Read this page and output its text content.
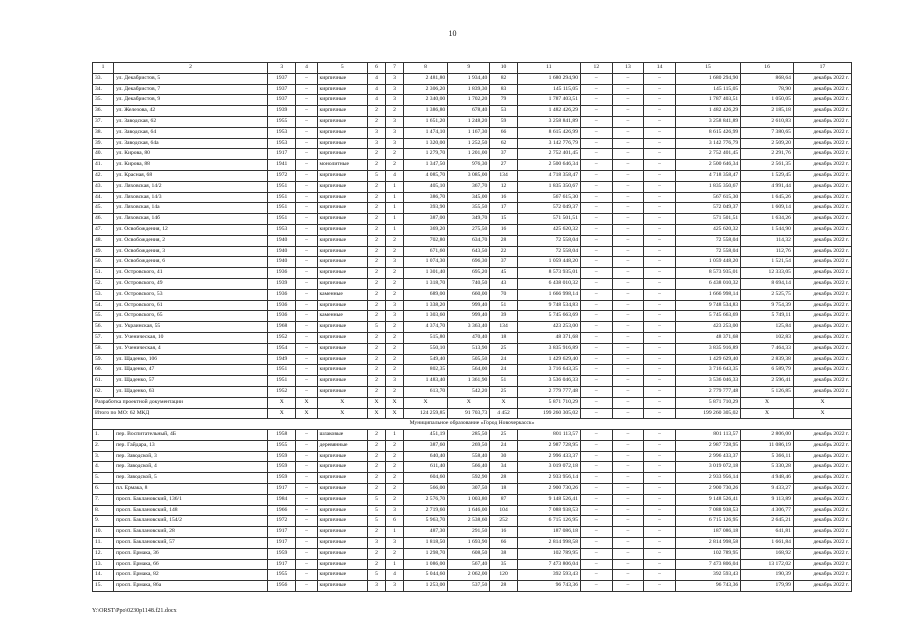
10
1	2	3	4	5	6	7	8	9	10	11	12	13	14	15	16	17
33.	ул. Декабристов, 5	1937	–	кирпичные	4	3	2 481,80	1 934,40	82	1 680 294,90	–	–	–	1 680 294,90	868,64	декабрь 2022 г.
34.	ул. Декабристов, 7	1937	–	кирпичные	4	3	2 306,20	1 839,30	83	145 115,05	–	–	–	145 115,05	78,90	декабрь 2022 г.
35.	ул. Декабристов, 9	1937	–	кирпичные	4	3	2 340,00	1 702,20	79	1 787 403,51	–	–	–	1 787 403,51	1 050,05	декабрь 2022 г.
36.	ул. Железова, 42	1939	–	кирпичные	2	2	1 386,80	678,40	53	1 482 426,29	–	–	–	1 482 426,29	2 185,18	декабрь 2022 г.
37.	ул. Заводская, 62	1955	–	кирпичные	2	3	1 651,20	1 248,20	59	3 258 841,89	–	–	–	3 258 841,89	2 610,83	декабрь 2022 г.
38.	ул. Заводская, 64	1953	–	кирпичные	3	3	1 474,10	1 167,30	66	8 615 426,99	–	–	–	8 615 426,99	7 380,65	декабрь 2022 г.
39.	ул. Заводская, 64а	1953	–	кирпичные	3	3	1 320,00	1 252,50	62	3 142 776,79	–	–	–	3 142 776,79	2 509,20	декабрь 2022 г.
40.	ул. Кирова, 80	1917	–	кирпичные	2	2	1 279,70	1 201,00	37	2 752 401,45	–	–	–	2 752 401,45	2 291,76	декабрь 2022 г.
41.	ул. Кирова, 88	1941	–	монолитные	2	2	1 347,50	976,30	27	2 500 646,34	–	–	–	2 500 646,34	2 561,35	декабрь 2022 г.
42.	ул. Красная, 68	1972	–	кирпичные	5	4	4 085,70	3 085,00	134	4 718 358,47	–	–	–	4 718 358,47	1 529,45	декабрь 2022 г.
43.	ул. Ляховская, 14/2	1951	–	кирпичные	2	1	405,10	367,70	12	1 835 350,67	–	–	–	1 835 350,67	4 991,44	декабрь 2022 г.
44.	ул. Ляховская, 14/3	1951	–	кирпичные	2	1	386,70	345,00	16	567 615,30	–	–	–	567 615,30	1 645,26	декабрь 2022 г.
45.	ул. Ляховская, 14а	1951	–	кирпичные	2	1	393,90	355,50	17	572 049,37	–	–	–	572 049,37	1 609,14	декабрь 2022 г.
46.	ул. Ляховская, 14б	1951	–	кирпичные	2	1	387,00	349,70	15	571 501,51	–	–	–	571 501,51	1 634,26	декабрь 2022 г.
47.	ул. Освобождения, 12	1953	–	кирпичные	2	1	369,20	275,50	16	425 620,32	–	–	–	425 620,32	1 544,90	декабрь 2022 г.
48.	ул. Освобождения, 2	1940	–	кирпичные	2	2	702,80	634,70	28	72 558,04	–	–	–	72 558,04	114,32	декабрь 2022 г.
49.	ул. Освобождения, 3	1940	–	кирпичные	2	2	671,60	643,50	22	72 558,04	–	–	–	72 558,04	112,76	декабрь 2022 г.
50.	ул. Освобождения, 6	1940	–	кирпичные	2	3	1 074,30	696,30	37	1 059 448,20	–	–	–	1 059 448,20	1 521,54	декабрь 2022 г.
51.	ул. Островского, 41	1936	–	кирпичные	2	2	1 301,40	695,20	45	8 573 935,01	–	–	–	8 573 935,01	12 333,05	декабрь 2022 г.
52.	ул. Островского, 49	1939	–	кирпичные	2	2	1 318,70	740,50	43	6 438 010,32	–	–	–	6 438 010,32	8 694,14	декабрь 2022 г.
53.	ул. Островского, 53	1936	–	каменные	2	2	689,00	660,00	70	1 666 998,14	–	–	–	1 666 998,14	2 525,75	декабрь 2022 г.
54.	ул. Островского, 61	1936	–	кирпичные	2	3	1 338,20	999,40	51	9 748 534,83	–	–	–	9 748 534,83	9 754,39	декабрь 2022 г.
55.	ул. Островского, 65	1936	–	каменные	2	3	1 303,60	999,40	39	5 745 663,69	–	–	–	5 745 663,69	5 749,11	декабрь 2022 г.
56.	ул. Украинская, 55	1968	–	кирпичные	5	2	4 374,70	3 363,40	134	423 253,00	–	–	–	423 253,00	125,84	декабрь 2022 г.
57.	ул. Ученическая, 10	1952	–	кирпичные	2	2	515,80	470,40	18	48 371,68	–	–	–	48 371,68	102,83	декабрь 2022 г.
58.	ул. Ученическая, 4	1954	–	кирпичные	2	2	550,10	513,90	25	3 835 916,89	–	–	–	3 835 916,89	7 464,33	декабрь 2022 г.
59.	ул. Щаденко, 106	1949	–	кирпичные	2	2	549,40	505,50	24	1 429 629,40	–	–	–	1 429 629,40	2 839,38	декабрь 2022 г.
60.	ул. Щаденко, 47	1951	–	кирпичные	2	2	802,35	564,00	24	3 716 643,35	–	–	–	3 716 643,35	6 589,79	декабрь 2022 г.
61.	ул. Щаденко, 57	1951	–	кирпичные	2	3	1 483,40	1 361,90	51	3 536 046,33	–	–	–	3 536 046,33	2 596,41	декабрь 2022 г.
62.	ул. Щаденко, 63	1952	–	кирпичные	2	2	613,70	542,20	25	2 779 777,48	–	–	–	2 779 777,48	5 126,85	декабрь 2022 г.
Разработка проектной документации		X	X	X	X	X	X	X	X	5 871 710,29	–	–	–	5 871 710,29	X	X
Итого по МО: 62 МКД		X	X	X	X	X	124 259,85	91 703,73	4 452	199 260 305,02	–	–	–	199 260 305,02	X	X
Муниципальное образование «Город Новочеркасск»																
1.	пер. Воспитательный, 4Б	1958	–	шлаковые	2	1	451,19	285,50	25	801 113,57	–	–	–	801 113,57	2 806,00	декабрь 2022 г.
2.	пер. Гайдара, 13	1955	–	деревянные	2	2	387,60	269,50	24	2 987 728,95	–	–	–	2 987 728,95	11 086,19	декабрь 2022 г.
3.	пер. Заводской, 3	1959	–	кирпичные	2	2	640,40	558,40	30	2 996 433,37	–	–	–	2 996 433,37	5 366,11	декабрь 2022 г.
4.	пер. Заводской, 4	1959	–	кирпичные	2	2	611,40	566,40	34	3 019 072,18	–	–	–	3 019 072,18	5 330,28	декабрь 2022 г.
5.	пер. Заводской, 5	1959	–	кирпичные	2	2	604,60	592,90	28	2 933 956,14	–	–	–	2 933 956,14	4 948,46	декабрь 2022 г.
6.	пл. Ермака, 8	1917	–	кирпичные	2	2	566,00	307,50	18	2 900 730,26	–	–	–	2 900 730,26	9 433,27	декабрь 2022 г.
7.	просп. Баклановский, 136/1	1984	–	кирпичные	5	2	2 576,70	1 003,80	87	9 148 526,41	–	–	–	9 148 526,41	9 113,89	декабрь 2022 г.
8.	просп. Баклановский, 148	1966	–	кирпичные	5	3	2 719,60	1 646,00	104	7 088 938,53	–	–	–	7 088 938,53	4 306,77	декабрь 2022 г.
9.	просп. Баклановский, 154/2	1972	–	кирпичные	5	6	5 963,70	2 538,60	252	6 715 126,95	–	–	–	6 715 126,95	2 645,21	декабрь 2022 г.
10.	просп. Баклановский, 28	1917	–	кирпичные	2	1	487,30	291,50	16	187 086,18	–	–	–	187 086,18	641,81	декабрь 2022 г.
11.	просп. Баклановский, 57	1917	–	кирпичные	3	3	1 818,50	1 693,90	66	2 814 998,58	–	–	–	2 814 998,58	1 661,84	декабрь 2022 г.
12.	просп. Ермака, 36	1959	–	кирпичные	2	2	1 298,70	608,50	38	102 789,95	–	–	–	102 789,95	168,92	декабрь 2022 г.
13.	просп. Ермака, 66	1917	–	кирпичные	2	1	1 086,00	567,40	35	7 473 806,04	–	–	–	7 473 806,04	13 172,02	декабрь 2022 г.
14.	просп. Ермака, 82	1955	–	кирпичные	5	4	5 044,60	2 062,00	120	392 593,43	–	–	–	392 593,43	190,39	декабрь 2022 г.
15.	просп. Ермака, 86а	1956	–	кирпичные	3	3	1 253,00	537,50	28	96 743,36	–	–	–	96 743,36	179,99	декабрь 2022 г.
Y:\ORST\Ppo\0230p1148.f21.docx
